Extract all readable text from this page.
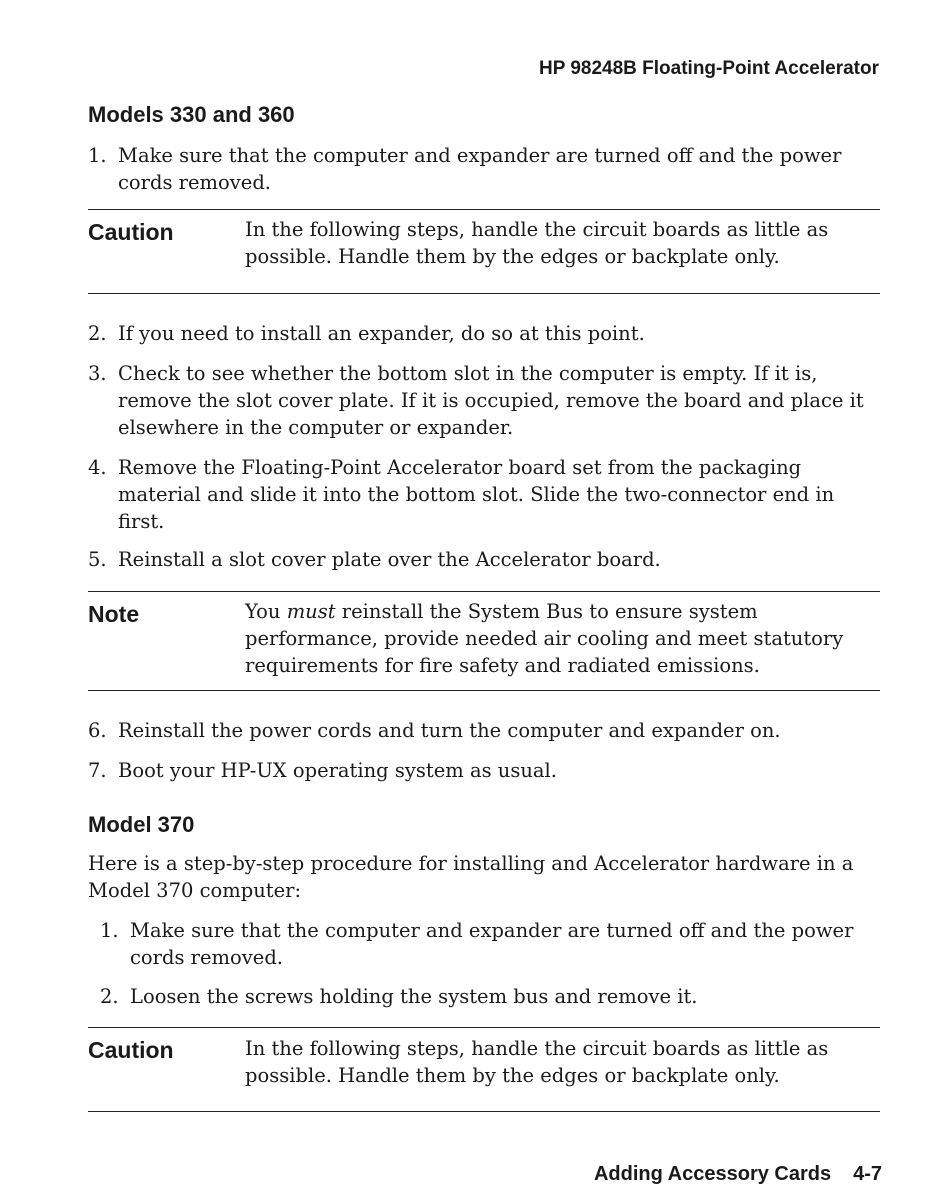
HP 98248B Floating-Point Accelerator
Models 330 and 360
1. Make sure that the computer and expander are turned off and the power cords removed.
Caution	In the following steps, handle the circuit boards as little as possible. Handle them by the edges or backplate only.
2. If you need to install an expander, do so at this point.
3. Check to see whether the bottom slot in the computer is empty. If it is, remove the slot cover plate. If it is occupied, remove the board and place it elsewhere in the computer or expander.
4. Remove the Floating-Point Accelerator board set from the packaging material and slide it into the bottom slot. Slide the two-connector end in first.
5. Reinstall a slot cover plate over the Accelerator board.
Note	You must reinstall the System Bus to ensure system performance, provide needed air cooling and meet statutory requirements for fire safety and radiated emissions.
6. Reinstall the power cords and turn the computer and expander on.
7. Boot your HP-UX operating system as usual.
Model 370
Here is a step-by-step procedure for installing and Accelerator hardware in a Model 370 computer:
1. Make sure that the computer and expander are turned off and the power cords removed.
2. Loosen the screws holding the system bus and remove it.
Caution	In the following steps, handle the circuit boards as little as possible. Handle them by the edges or backplate only.
Adding Accessory Cards 4-7
